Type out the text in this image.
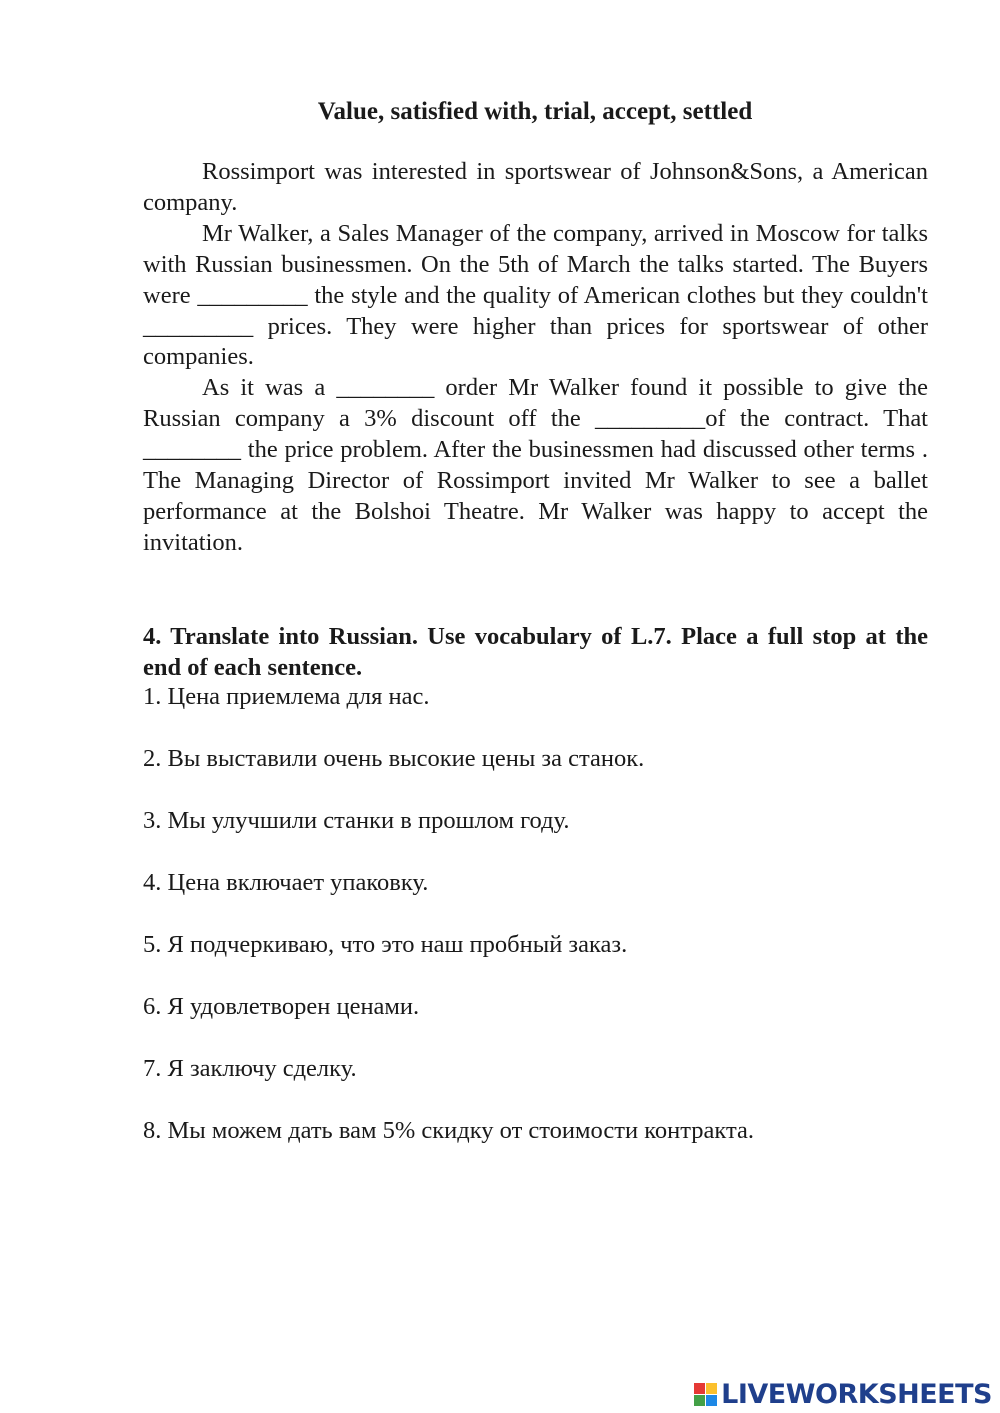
Value, satisfied with, trial, accept, settled

Rossimport was interested in sportswear of Johnson&Sons, a American company.

Mr Walker, a Sales Manager of the company, arrived in Moscow for talks with Russian businessmen. On the 5th of March the talks started. The Buyers were _________ the style and the quality of American clothes but they couldn't _________ prices. They were higher than prices for sportswear of other companies.

As it was a ________ order Mr Walker found it possible to give the Russian company a 3% discount off the _________of the contract. That ________ the price problem. After the businessmen had discussed other terms . The Managing Director of Rossimport invited Mr Walker to see a ballet performance at the Bolshoi Theatre. Mr Walker was happy to accept the invitation.

4. Translate into Russian. Use vocabulary of L.7. Place a full stop at the end of each sentence.
1. Цена приемлема для нас.
2. Вы выставили очень высокие цены за станок.
3. Мы улучшили станки в прошлом году.
4. Цена включает упаковку.
5. Я подчеркиваю, что это наш пробный заказ.
6. Я удовлетворен ценами.
7. Я заключу сделку.
8. Мы можем дать вам 5% скидку от стоимости контракта.
LIVEWORKSHEETS
